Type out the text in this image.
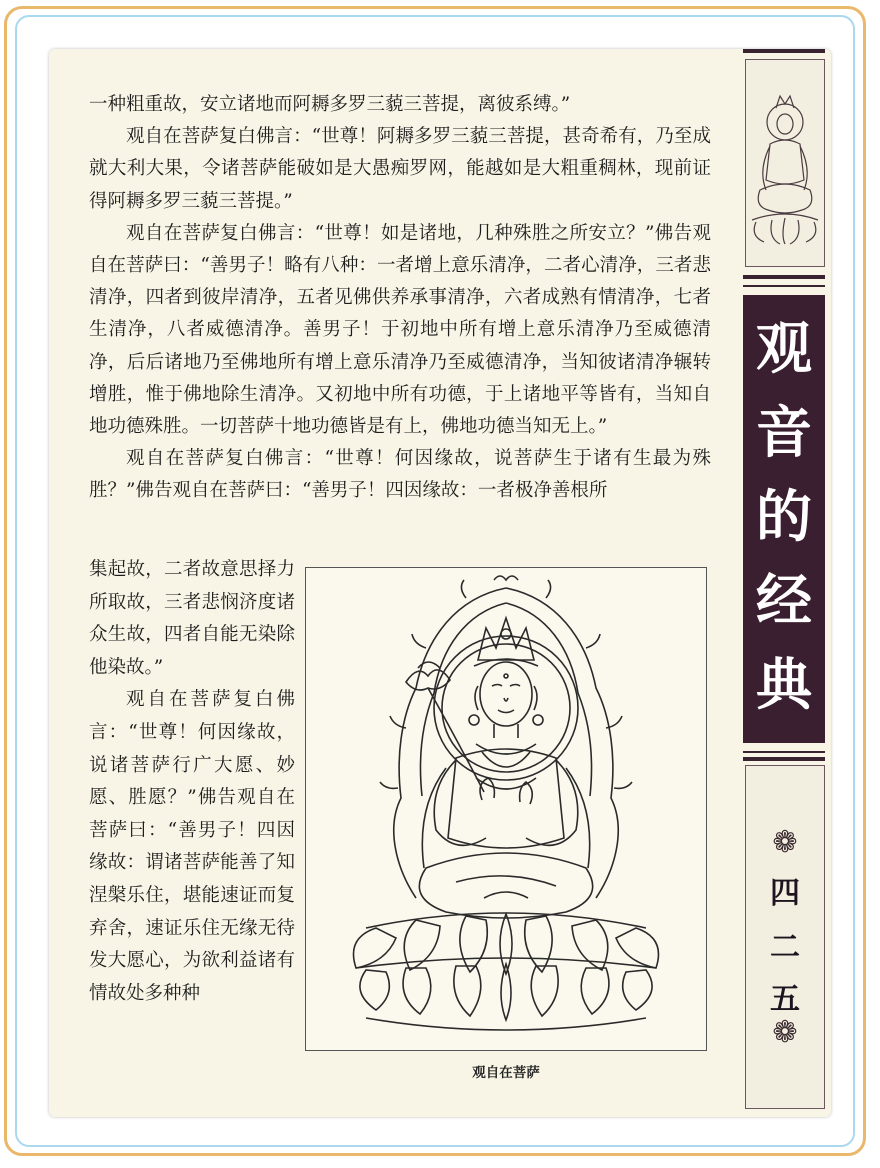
一种粗重故，安立诸地而阿耨多罗三藐三菩提，离彼系缚。”

观自在菩萨复白佛言：“世尊！阿耨多罗三藐三菩提，甚奇希有，乃至成就大利大果，令诸菩萨能破如是大愚痴罗网，能越如是大粗重稠林，现前证得阿耨多罗三藐三菩提。”

观自在菩萨复白佛言：“世尊！如是诸地，几种殊胜之所安立？”佛告观自在菩萨曰：“善男子！略有八种：一者增上意乐清净，二者心清净，三者悲清净，四者到彼岸清净，五者见佛供养承事清净，六者成熟有情清净，七者生清净，八者威德清净。善男子！于初地中所有增上意乐清净乃至威德清净，后后诸地乃至佛地所有增上意乐清净乃至威德清净，当知彼诸清净辗转增胜，惟于佛地除生清净。又初地中所有功德，于上诸地平等皆有，当知自地功德殊胜。一切菩萨十地功德皆是有上，佛地功德当知无上。”

观自在菩萨复白佛言：“世尊！何因缘故，说菩萨生于诸有生最为殊胜？”佛告观自在菩萨曰：“善男子！四因缘故：一者极净善根所

集起故，二者故意思择力所取故，三者悲悯济度诸众生故，四者自能无染除他染故。”

观自在菩萨复白佛言：“世尊！何因缘故，说诸菩萨行广大愿、妙愿、胜愿？”佛告观自在菩萨曰：“善男子！四因缘故：谓诸菩萨能善了知涅槃乐住，堪能速证而复弃舍，速证乐住无缘无待发大愿心，为欲利益诸有情故处多种种

观自在菩萨
观
音
的
经
典
❁
四
二
五
❁
